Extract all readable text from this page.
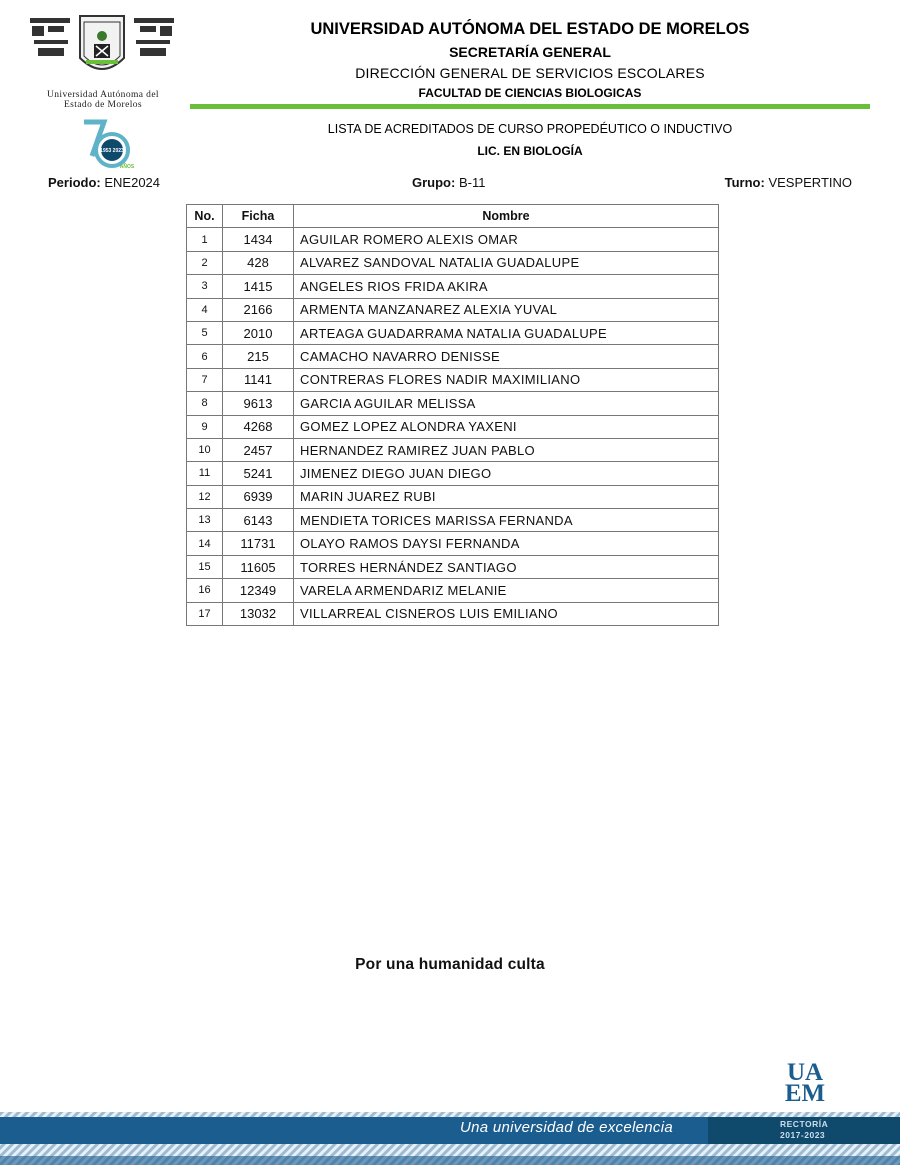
Universidad Autónoma del
Estado de Morelos
1953 2023
AÑOS
UNIVERSIDAD AUTÓNOMA DEL ESTADO DE MORELOS
SECRETARÍA GENERAL
DIRECCIÓN GENERAL DE SERVICIOS ESCOLARES
FACULTAD DE CIENCIAS BIOLOGICAS
LISTA DE ACREDITADOS DE CURSO PROPEDÉUTICO O INDUCTIVO
LIC. EN BIOLOGÍA
Periodo: ENE2024	Grupo: B-11	Turno: VESPERTINO
No.	Ficha	Nombre
1	1434	AGUILAR ROMERO ALEXIS OMAR
2	428	ALVAREZ SANDOVAL NATALIA GUADALUPE
3	1415	ANGELES RIOS FRIDA AKIRA
4	2166	ARMENTA MANZANAREZ ALEXIA YUVAL
5	2010	ARTEAGA GUADARRAMA NATALIA GUADALUPE
6	215	CAMACHO NAVARRO DENISSE
7	1141	CONTRERAS FLORES NADIR MAXIMILIANO
8	9613	GARCIA AGUILAR MELISSA
9	4268	GOMEZ LOPEZ ALONDRA YAXENI
10	2457	HERNANDEZ RAMIREZ JUAN PABLO
11	5241	JIMENEZ DIEGO JUAN DIEGO
12	6939	MARIN JUAREZ RUBI
13	6143	MENDIETA TORICES MARISSA FERNANDA
14	11731	OLAYO RAMOS DAYSI FERNANDA
15	11605	TORRES HERNÁNDEZ SANTIAGO
16	12349	VARELA ARMENDARIZ MELANIE
17	13032	VILLARREAL CISNEROS LUIS EMILIANO
Por una humanidad culta
Una universidad de excelencia	RECTORÍA
2017-2023
UA
EM
